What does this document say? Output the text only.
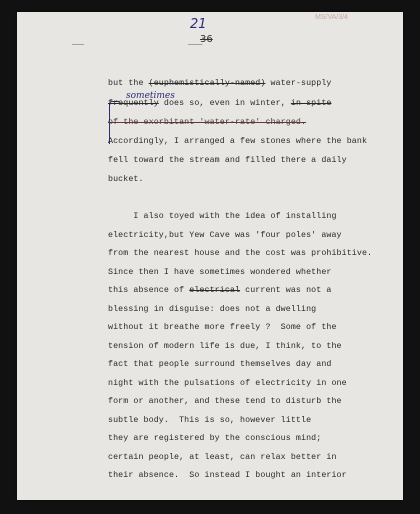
MS/VA/3/4
21
36
▬▬▬▬▬	▬▬▬▬▬▬
sometimes
but the (euphemistically-named) water-supply
frequently does so, even in winter, in spite
of the exorbitant 'water-rate' charged.
Accordingly, I arranged a few stones where the bank
fell toward the stream and filled there a daily
bucket.
I also toyed with the idea of installing
electricity,but Yew Cave was 'four poles' away
from the nearest house and the cost was prohibitive.
Since then I have sometimes wondered whether
this absence of electrical current was not a
blessing in disguise: does not a dwelling
without it breathe more freely ?  Some of the
tension of modern life is due, I think, to the
fact that people surround themselves day and
night with the pulsations of electricity in one
form or another, and these tend to disturb the
subtle body.  This is so, however little
they are registered by the conscious mind;
certain people, at least, can relax better in
their absence.  So instead I bought an interior
